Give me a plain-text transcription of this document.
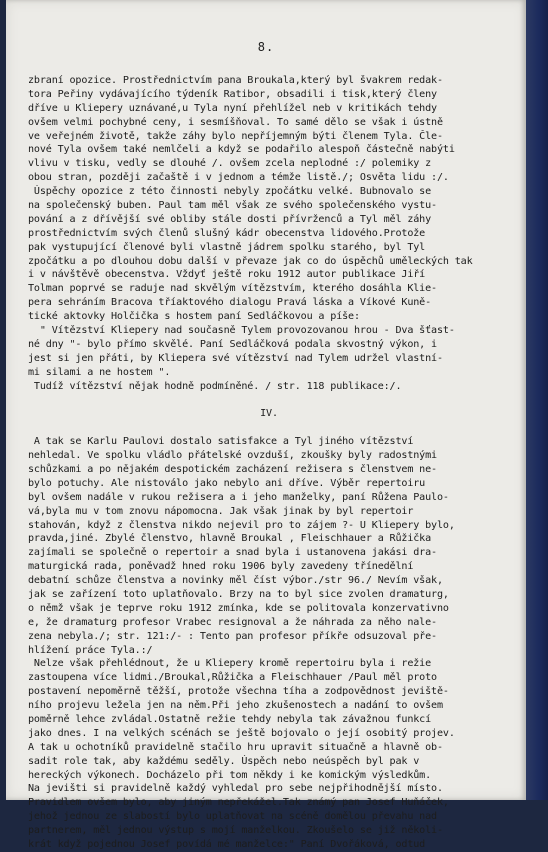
8.
zbraní opozice. Prostřednictvím pana Broukala,který byl švakrem redak-
tora Peřiny vydávajícího týdeník Ratibor, obsadili i tisk,který členy
dříve u Kliepery uznávané,u Tyla nyní přehlížel neb v kritikách tehdy
ovšem velmi pochybné ceny, i sesmíšňoval. To samé dělo se však i ústně
ve veřejném životě, takže záhy bylo nepříjemným býti členem Tyla. Čle-
nové Tyla ovšem také nemlčeli a když se podařilo alespoň částečně nabýti
vlivu v tisku, vedly se dlouhé /. ovšem zcela neplodné :/ polemiky z
obou stran, později začaště i v jednom a témže listě./; Osvěta lidu :/.
Úspěchy opozice z této činnosti nebyly zpočátku velké. Bubnovalo se
na společenský buben. Paul tam měl však ze svého společenského vystu-
pování a z dřívější své obliby stále dosti přívrženců a Tyl měl záhy
prostřednictvím svých členů slušný kádr obecenstva lidového.Protože
pak vystupující členové byli vlastně jádrem spolku starého, byl Tyl
zpočátku a po dlouhou dobu další v převaze jak co do úspěchů uměleckých tak
i v návštěvě obecenstva. Vždyť ještě roku 1912 autor publikace Jiří
Tolman poprvé se raduje nad skvělým vítězstvím, kterého dosáhla Klie-
pera sehráním Bracova tříaktového dialogu Pravá láska a Víkové Kuně-
tické aktovky Holčička s hostem paní Sedláčkovou a píše:
" Vítězství Kliepery nad současně Tylem provozovanou hrou - Dva šťast-
né dny "- bylo přímo skvělé. Paní Sedláčková podala skvostný výkon, i
jest si jen přáti, by Kliepera své vítězství nad Tylem udržel vlastní-
mi silami a ne hostem ".
Tudíž vítězství nějak hodně podmíněné. / str. 118 publikace:/.
IV.
A tak se Karlu Paulovi dostalo satisfakce a Tyl jiného vítězství
nehledal. Ve spolku vládlo přátelské ovzduší, zkoušky byly radostnými
schůzkami a po nějakém despotickém zacházení režisera s členstvem ne-
bylo potuchy. Ale nistoválo jako nebylo ani dříve. Výběr repertoiru
byl ovšem nadále v rukou režisera a i jeho manželky, paní Růžena Paulo-
vá,byla mu v tom znovu nápomocna. Jak však jinak by byl repertoir
stahován, když z členstva nikdo nejevil pro to zájem ?- U Kliepery bylo,
pravda,jiné. Zbylé členstvo, hlavně Broukal , Fleischhauer a Růžička
zajímali se společně o repertoir a snad byla i ustanovena jakási dra-
maturgická rada, poněvadž hned roku 1906 byly zavedeny třínedělní
debatní schůze členstva a novinky měl číst výbor./str 96./ Nevím však,
jak se zařízení toto uplatňovalo. Brzy na to byl sice zvolen dramaturg,
o němž však je teprve roku 1912 zmínka, kde se politovala konzervativno
e, že dramaturg profesor Vrabec resignoval a že náhrada za něho nale-
zena nebyla./; str. 121:/- : Tento pan profesor příkře odsuzoval pře-
hlížení práce Tyla.:/
Nelze však přehlédnout, že u Kliepery kromě repertoiru byla i režie
zastoupena více lidmi./Broukal,Růžička a Fleischhauer /Paul měl proto
postavení nepoměrně těžší, protože všechna tíha a zodpovědnost jeviště-
ního projevu ležela jen na něm.Při jeho zkušenostech a nadání to ovšem
poměrně lehce zvládal.Ostatně režie tehdy nebyla tak závažnou funkcí
jako dnes. I na velkých scénách se ještě bojovalo o její osobitý projev.
A tak u ochotníků pravidelně stačilo hru upravit situačně a hlavně ob-
sadit role tak, aby každému seděly. Úspěch nebo neúspěch byl pak v
hereckých výkonech. Docházelo při tom někdy i ke komickým výsledkům.
Na jevišti si pravidelně každý vyhledal pro sebe nejpřihodnější místo.
Pravidlem ovšem bylo, aby jiným nepřekážel.Tak známý pan Josef Huňáček,
jehož jednou ze slabostí bylo uplatňovat na scéně domělou převahu nad
partnerem, měl jednou výstup s mojí manželkou. Zkoušelo se již několi-
krát když pojednou Josef povídá mé manželce:" Paní Dvořáková, odtud
